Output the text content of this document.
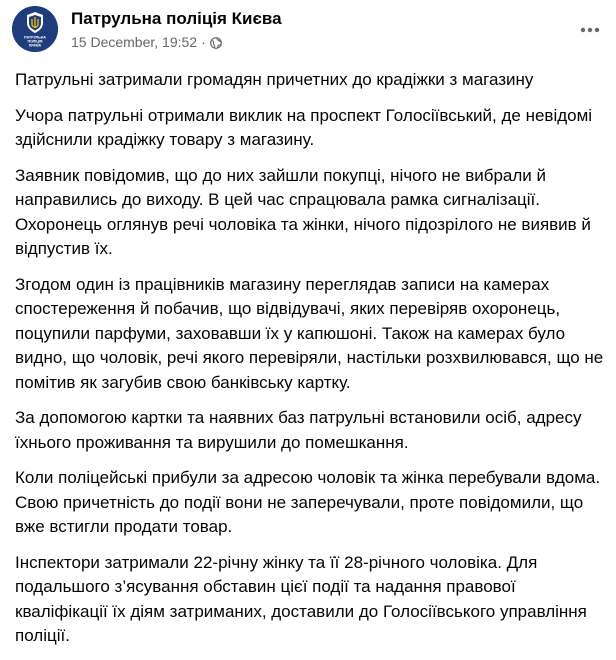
ПАТРУЛЬНА
ПОЛІЦІЯ
КИЄВА
Патрульна поліція Києва
15 December, 19:52 ·

Патрульні затримали громадян причетних до крадіжки з магазину

Учора патрульні отримали виклик на проспект Голосіївський, де невідомі здійснили крадіжку товару з магазину.

Заявник повідомив, що до них зайшли покупці, нічого не вибрали й направились до виходу. В цей час спрацювала рамка сигналізації. Охоронець оглянув речі чоловіка та жінки, нічого підозрілого не виявив й відпустив їх.

Згодом один із працівників магазину переглядав записи на камерах спостереження й побачив, що відвідувачі, яких перевіряв охоронець, поцупили парфуми, заховавши їх у капюшоні. Також на камерах було видно, що чоловік, речі якого перевіряли, настільки розхвилювався, що не помітив як загубив свою банківську картку.

За допомогою картки та наявних баз патрульні встановили осіб, адресу їхнього проживання та вирушили до помешкання.

Коли поліцейські прибули за адресою чоловік та жінка перебували вдома. Свою причетність до події вони не заперечували, проте повідомили, що вже встигли продати товар.

Інспектори затримали 22-річну жінку та її 28-річного чоловіка. Для подальшого з’ясування обставин цієї події та надання правової кваліфікації їх діям затриманих, доставили до Голосіївського управління поліції.
